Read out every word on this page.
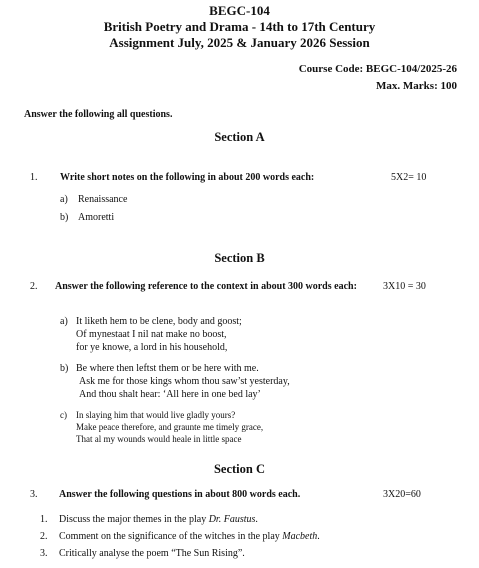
BEGC-104
British Poetry and Drama - 14th to 17th Century
Assignment July, 2025 & January 2026 Session
Course Code: BEGC-104/2025-26
Max. Marks: 100
Answer the following all questions.
Section A
1. Write short notes on the following in about 200 words each:	5X2= 10
a) Renaissance
b) Amoretti
Section B
2. Answer the following reference to the context in about 300 words each:	3X10 = 30
a) It liketh hem to be clene, body and goost;
Of mynestaat I nil nat make no boost,
for ye knowe, a lord in his household,
b) Be where then leftst them or be here with me.
Ask me for those kings whom thou saw’st yesterday,
And thou shalt hear: ‘All here in one bed lay’
c) In slaying him that would live gladly yours?
Make peace therefore, and graunte me timely grace,
That al my wounds would heale in little space
Section C
3. Answer the following questions in about 800 words each.	3X20=60
1. Discuss the major themes in the play Dr. Faustus.
2. Comment on the significance of the witches in the play Macbeth.
3. Critically analyse the poem “The Sun Rising”.
